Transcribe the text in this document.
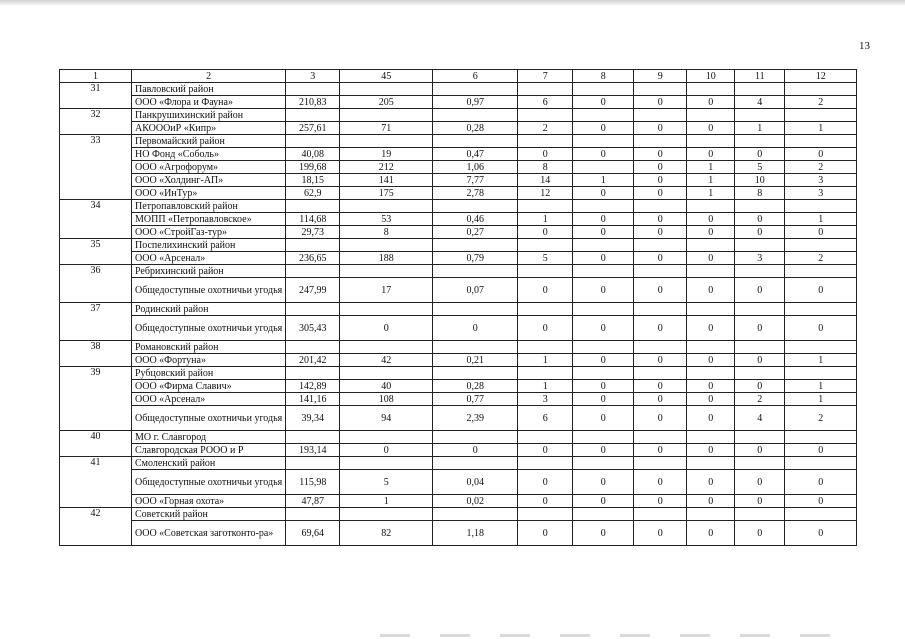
13
1	2	3	45	6	7	8	9	10	11	12
31	Павловский район									
	ООО «Флора и Фауна»	210,83	205	0,97	6	0	0	0	4	2
32	Панкрушихинский район									
	АКОООиР «Кипр»	257,61	71	0,28	2	0	0	0	1	1
33	Первомайский район									
	НО Фонд «Соболь»	40,08	19	0,47	0	0	0	0	0	0
	ООО «Агрофорум»	199,68	212	1,06	8		0	1	5	2
	ООО «Холдинг-АП»	18,15	141	7,77	14	1	0	1	10	3
	ООО «ИнТур»	62,9	175	2,78	12	0	0	1	8	3
34	Петропавловский район									
	МОПП «Петропавловское»	114,68	53	0,46	1	0	0	0	0	1
	ООО «СтройГаз-тур»	29,73	8	0,27	0	0	0	0	0	0
35	Поспелихинский район									
	ООО «Арсенал»	236,65	188	0,79	5	0	0	0	3	2
36	Ребрихинский район									
	Общедоступные охотничьи угодья	247,99	17	0,07	0	0	0	0	0	0
37	Родинский район									
	Общедоступные охотничьи угодья	305,43	0	0	0	0	0	0	0	0
38	Романовский район									
	ООО «Фортуна»	201,42	42	0,21	1	0	0	0	0	1
39	Рубцовский район									
	ООО «Фирма Славич»	142,89	40	0,28	1	0	0	0	0	1
	ООО «Арсенал»	141,16	108	0,77	3	0	0	0	2	1
	Общедоступные охотничьи угодья	39,34	94	2,39	6	0	0	0	4	2
40	МО г. Славгород									
	Славгородская РООО и Р	193,14	0	0	0	0	0	0	0	0
41	Смоленский район									
	Общедоступные охотничьи угодья	115,98	5	0,04	0	0	0	0	0	0
	ООО «Горная охота»	47,87	1	0,02	0	0	0	0	0	0
42	Советский район									
	ООО «Советская заготконто-ра»	69,64	82	1,18	0	0	0	0	0	0
